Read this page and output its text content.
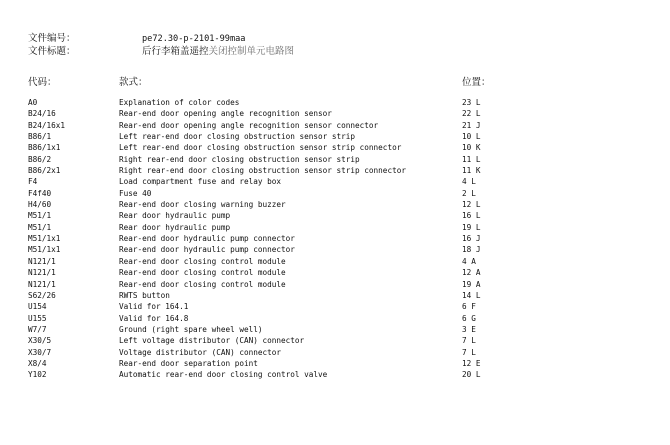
文件编号：	pe72.30-p-2101-99maa
文件标题：	后行李箱盖遥控关闭控制单元电路图
代码：	款式：	位置：
A0	Explanation of color codes	23 L
B24/16	Rear-end door opening angle recognition sensor	22 L
B24/16x1	Rear-end door opening angle recognition sensor connector	21 J
B86/1	Left rear-end door closing obstruction sensor strip	10 L
B86/1x1	Left rear-end door closing obstruction sensor strip connector	10 K
B86/2	Right rear-end door closing obstruction sensor strip	11 L
B86/2x1	Right rear-end door closing obstruction sensor strip connector	11 K
F4	Load compartment fuse and relay box	4 L
F4f40	Fuse 40	2 L
H4/60	Rear-end door closing warning buzzer	12 L
M51/1	Rear door hydraulic pump	16 L
M51/1	Rear door hydraulic pump	19 L
M51/1x1	Rear-end door hydraulic pump connector	16 J
M51/1x1	Rear-end door hydraulic pump connector	18 J
N121/1	Rear-end door closing control module	4 A
N121/1	Rear-end door closing control module	12 A
N121/1	Rear-end door closing control module	19 A
S62/26	RWTS button	14 L
U154	Valid for 164.1	6 F
U155	Valid for 164.8	6 G
W7/7	Ground (right spare wheel well)	3 E
X30/5	Left voltage distributor (CAN) connector	7 L
X30/7	Voltage distributor (CAN) connector	7 L
X8/4	Rear-end door separation point	12 E
Y102	Automatic rear-end door closing control valve	20 L
